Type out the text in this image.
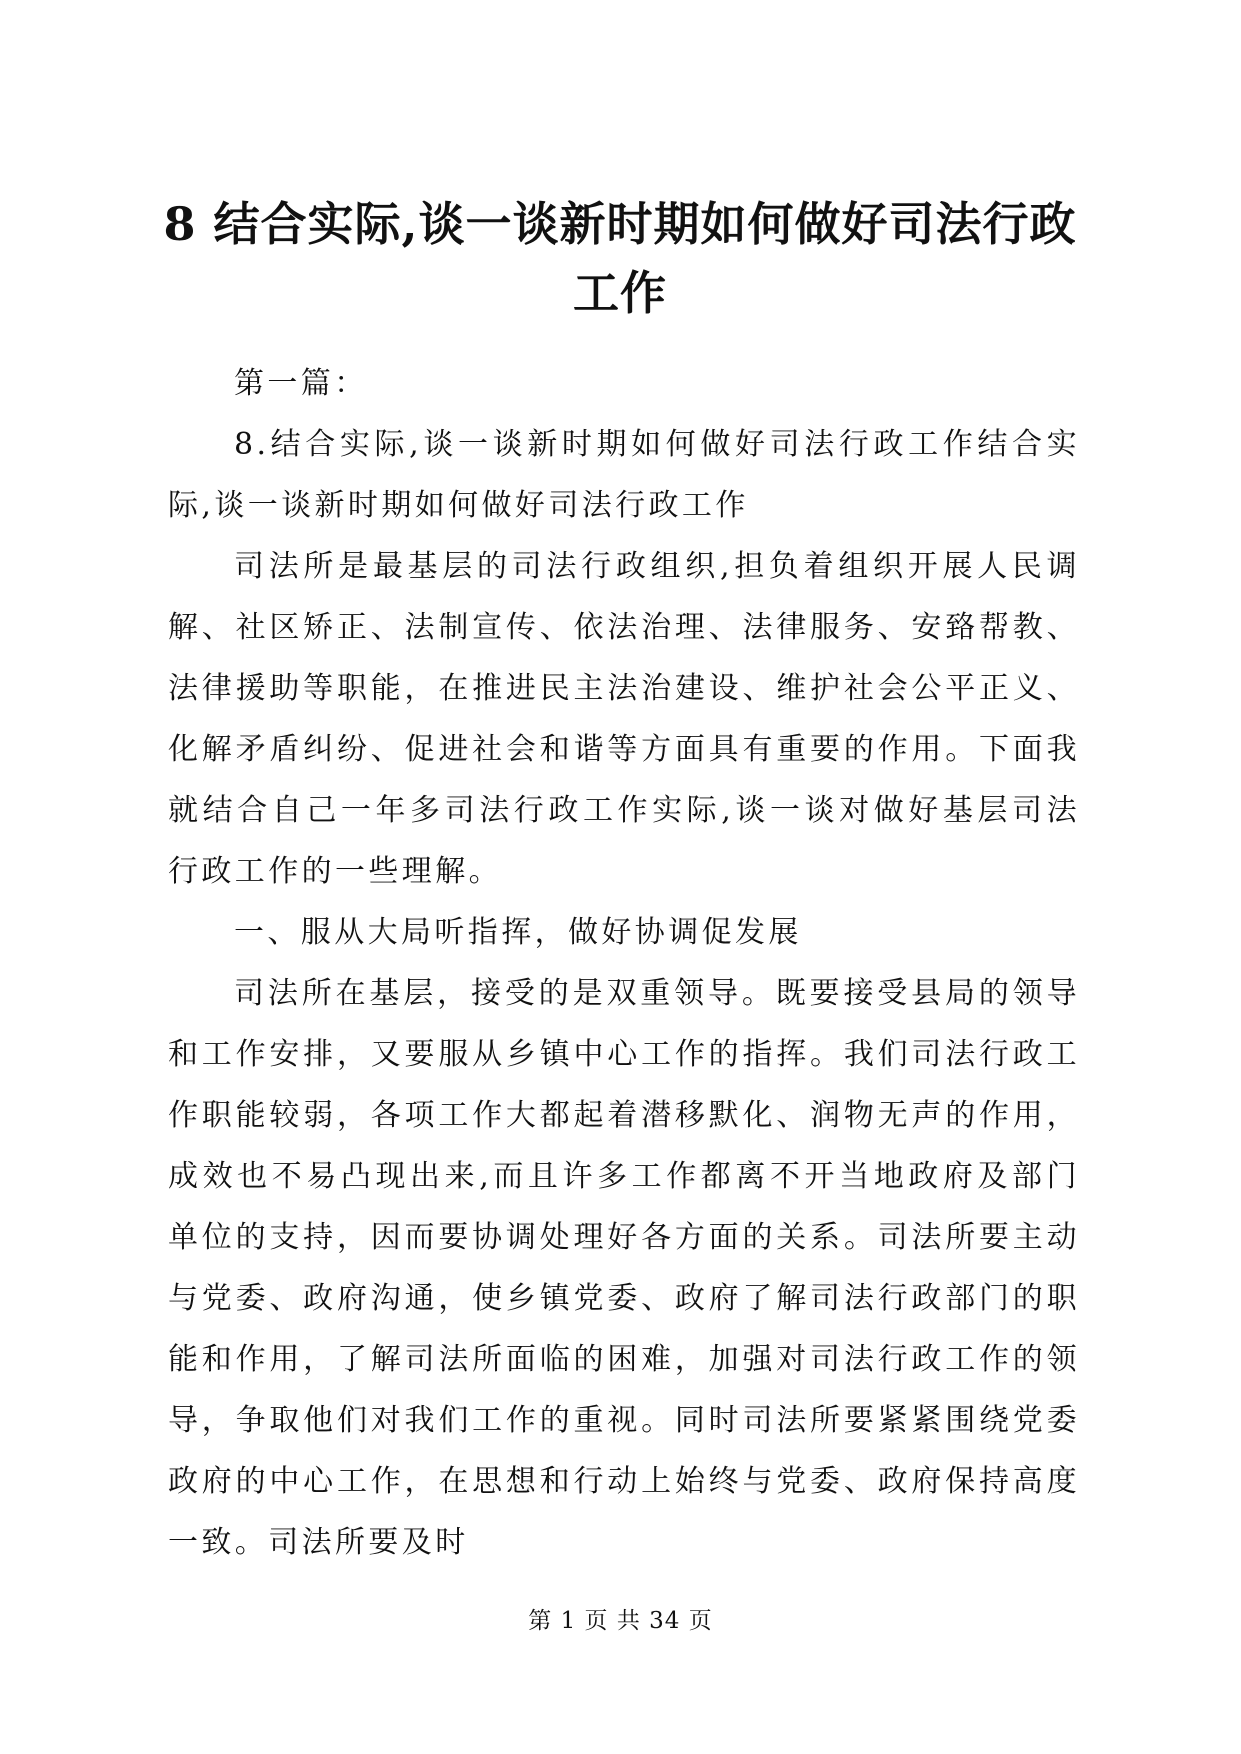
8 结合实际,谈一谈新时期如何做好司法行政
工作

第一篇：

8.结合实际,谈一谈新时期如何做好司法行政工作结合实际,谈一谈新时期如何做好司法行政工作

司法所是最基层的司法行政组织,担负着组织开展人民调解、社区矫正、法制宣传、依法治理、法律服务、安臵帮教、法律援助等职能，在推进民主法治建设、维护社会公平正义、化解矛盾纠纷、促进社会和谐等方面具有重要的作用。下面我就结合自己一年多司法行政工作实际,谈一谈对做好基层司法行政工作的一些理解。

一、服从大局听指挥，做好协调促发展

司法所在基层，接受的是双重领导。既要接受县局的领导和工作安排，又要服从乡镇中心工作的指挥。我们司法行政工作职能较弱，各项工作大都起着潜移默化、润物无声的作用，成效也不易凸现出来,而且许多工作都离不开当地政府及部门单位的支持，因而要协调处理好各方面的关系。司法所要主动与党委、政府沟通，使乡镇党委、政府了解司法行政部门的职能和作用，了解司法所面临的困难，加强对司法行政工作的领导，争取他们对我们工作的重视。同时司法所要紧紧围绕党委政府的中心工作，在思想和行动上始终与党委、政府保持高度一致。司法所要及时

第 1 页 共 34 页
